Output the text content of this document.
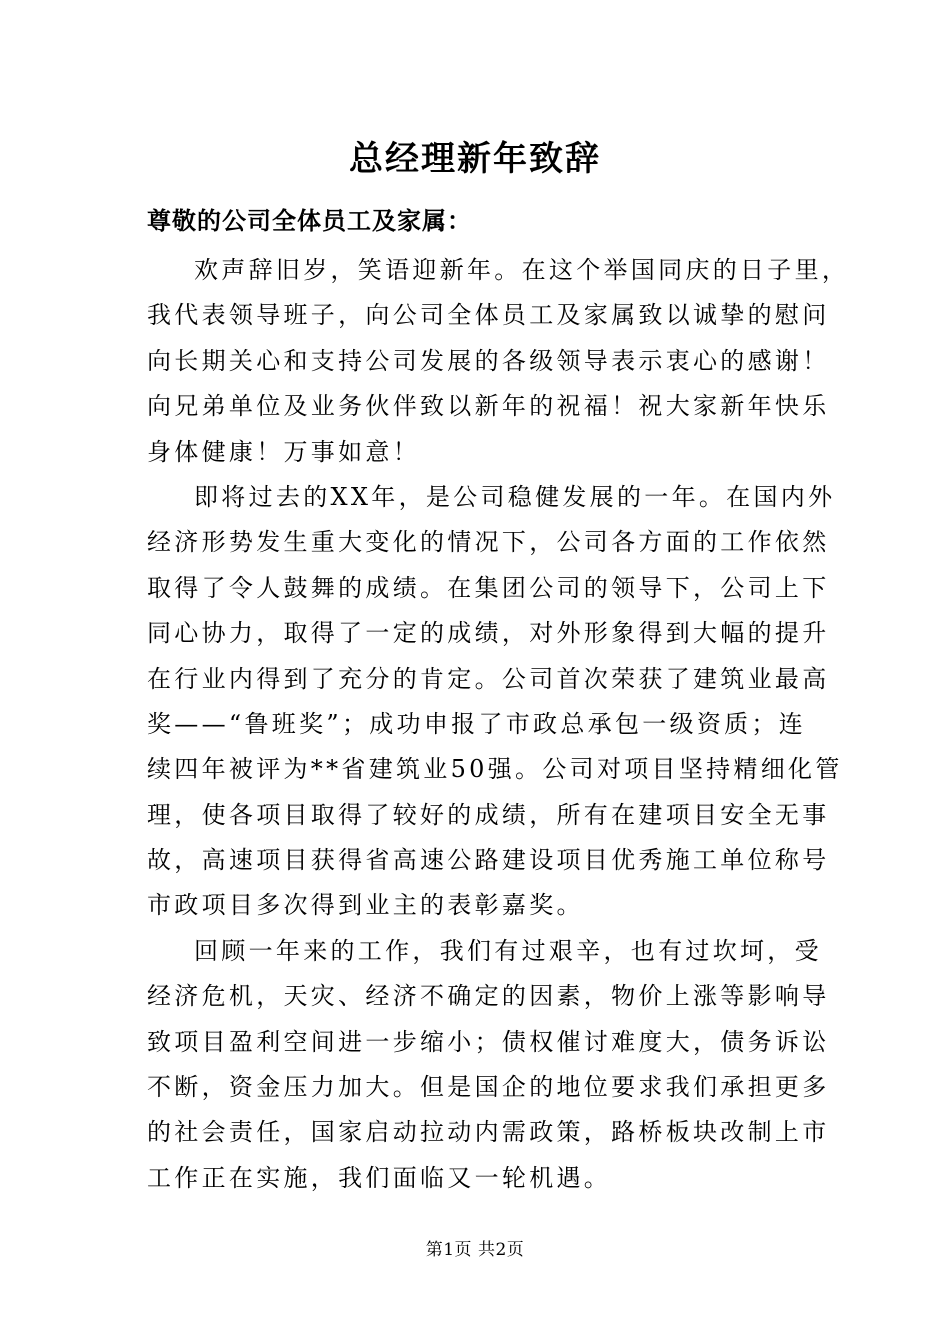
总经理新年致辞

尊敬的公司全体员工及家属：

欢声辞旧岁，笑语迎新年。在这个举国同庆的日子里，
我代表领导班子，向公司全体员工及家属致以诚挚的慰问
向长期关心和支持公司发展的各级领导表示衷心的感谢！
向兄弟单位及业务伙伴致以新年的祝福！祝大家新年快乐
身体健康！万事如意！
即将过去的XX年，是公司稳健发展的一年。在国内外
经济形势发生重大变化的情况下，公司各方面的工作依然
取得了令人鼓舞的成绩。在集团公司的领导下，公司上下
同心协力，取得了一定的成绩，对外形象得到大幅的提升
在行业内得到了充分的肯定。公司首次荣获了建筑业最高
奖——“鲁班奖”；成功申报了市政总承包一级资质；连
续四年被评为**省建筑业50强。公司对项目坚持精细化管
理，使各项目取得了较好的成绩，所有在建项目安全无事
故，高速项目获得省高速公路建设项目优秀施工单位称号
市政项目多次得到业主的表彰嘉奖。
回顾一年来的工作，我们有过艰辛，也有过坎坷，受
经济危机，天灾、经济不确定的因素，物价上涨等影响导
致项目盈利空间进一步缩小；债权催讨难度大，债务诉讼
不断，资金压力加大。但是国企的地位要求我们承担更多
的社会责任，国家启动拉动内需政策，路桥板块改制上市
工作正在实施，我们面临又一轮机遇。
第1页 共2页
